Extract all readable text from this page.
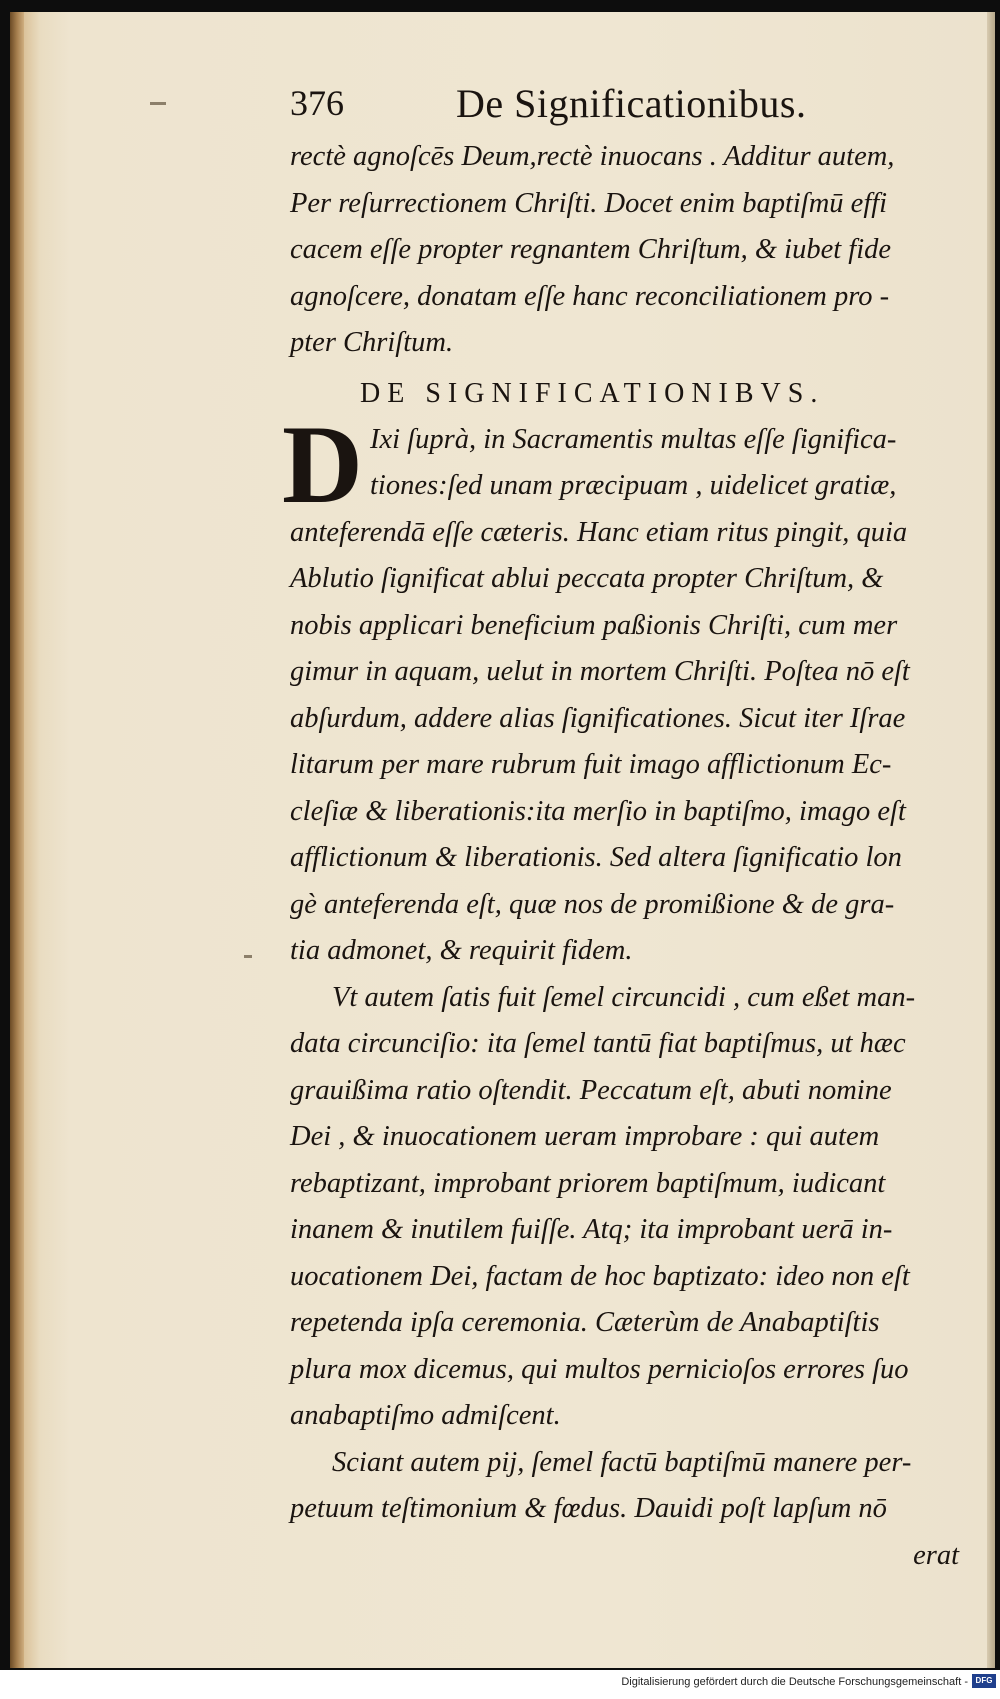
376	De Significationibus.
rectè agnoſcēs Deum,rectè inuocans . Additur autem,
Per reſurrectionem Chriſti. Docet enim baptiſmū effi
cacem eſſe propter regnantem Chriſtum, & iubet fide
agnoſcere, donatam eſſe hanc reconciliationem pro -
pter Chriſtum.
DE SIGNIFICATIONIBVS.
D Ixi ſuprà, in Sacramentis multas eſſe ſignifica-
tiones:ſed unam præcipuam , uidelicet gratiæ,
anteferendā eſſe cæteris. Hanc etiam ritus pingit, quia
Ablutio ſignificat ablui peccata propter Chriſtum, &
nobis applicari beneficium paßionis Chriſti, cum mer
gimur in aquam, uelut in mortem Chriſti. Poſtea nō eſt
abſurdum, addere alias ſignificationes. Sicut iter Iſrae
litarum per mare rubrum fuit imago afflictionum Ec-
cleſiæ & liberationis:ita merſio in baptiſmo, imago eſt
afflictionum & liberationis. Sed altera ſignificatio lon
gè anteferenda eſt, quæ nos de promißione & de gra-
tia admonet, & requirit fidem.
Vt autem ſatis fuit ſemel circuncidi , cum eßet man-
data circunciſio: ita ſemel tantū fiat baptiſmus, ut hæc
grauißima ratio oſtendit. Peccatum eſt, abuti nomine
Dei , & inuocationem ueram improbare : qui autem
rebaptizant, improbant priorem baptiſmum, iudicant
inanem & inutilem fuiſſe. Atq; ita improbant uerā in-
uocationem Dei, factam de hoc baptizato: ideo non eſt
repetenda ipſa ceremonia. Cæterùm de Anabaptiſtis
plura mox dicemus, qui multos pernicioſos errores ſuo
anabaptiſmo admiſcent.
Sciant autem pij, ſemel factū baptiſmū manere per-
petuum teſtimonium & fœdus. Dauidi poſt lapſum nō
erat
Digitalisierung gefördert durch die Deutsche Forschungsgemeinschaft - DFG
